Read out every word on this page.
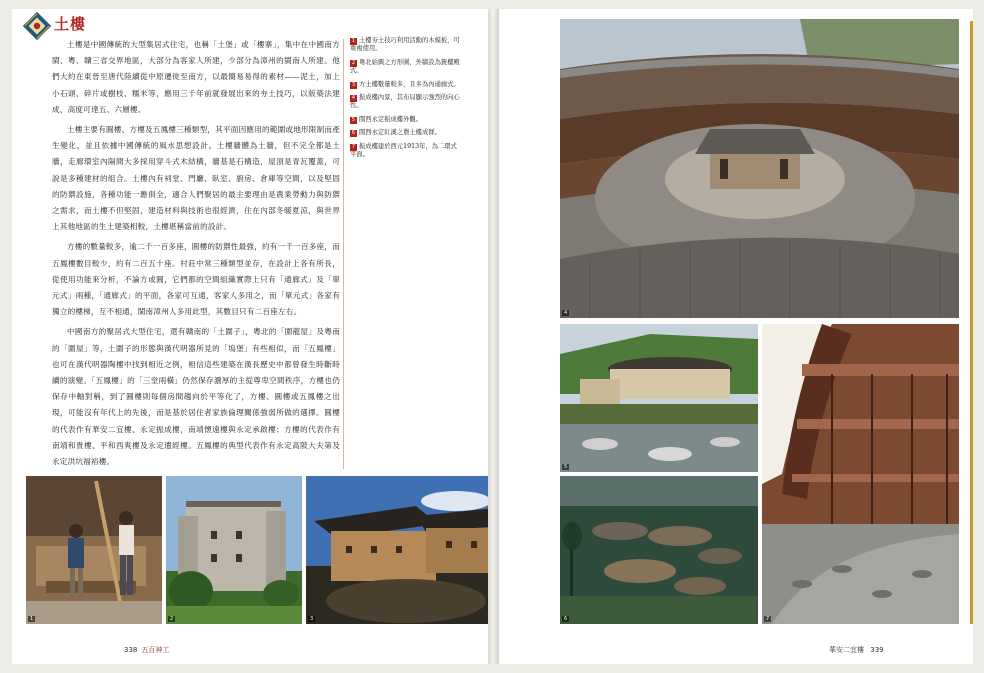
土樓

土樓是中國傳統的大型集居式住宅，也稱「土堡」或「樓寨」，集中在中國南方閩、粵、贛三省交界地區，大部分為客家人所建，少部分為漳州的閩南人所建。他們大約在東晉至唐代陸續從中原遷徙至南方，以最簡易易得的素材——泥土，加上小石頭、碎片或樹枝、糯米等，應用三千年前就發展出來的夯土技巧，以版築法建成，高度可達五、六層樓。

土樓主要有圓樓、方樓及五鳳樓三種類型，其平面因應用的範圍或地形限制而產生變化，並且依據中國傳統的風水思想設計。土樓牆體為土牆，但不完全都是土牆，走廊環室內隔間大多採用穿斗式木結構，牆基是石構造，屋頂是青瓦覆蓋，可說是多種建材的組合。土樓內有祠堂、門廳、臥室、廚房、倉庫等空間，以及堅固的防禦設施，各種功能一應俱全，適合人們聚居的最主要理由是農業勞動力與防禦之需求，而土樓不但堅固，建造材料與技術也很經濟，住在內部冬暖夏涼，與世界上其他地區的生土建築相較，土樓堪稱當前的設計。

方樓的數量較多，逾二千一百多座，圓樓的防禦性最強，約有一千一百多座，而五鳳樓數目較少，約有二百五十座。村莊中常三種類型並存，在設計上各有所長，從使用功能來分析，不論方或圓，它們都的空間組織實際上只有「通廊式」及「單元式」兩種，「通廊式」的平面，各家可互通，客家人多用之，而「單元式」各家有獨立的樓梯，互不相通，閩南漳州人多用此型，其數目只有二百座左右。

中國南方的聚居式大型住宅，還有贛南的「土圍子」，粵北的「圍龍屋」及粵南的「圍屋」等，土圍子的形態與漢代明器所見的「塢堡」有些相似，而「五鳳樓」也可在漢代明器陶樓中找到相近之例，相信這些建築在漢長歷史中都曾發生時斷時續的演變。「五鳳樓」的「三堂兩橫」仍然保存濃厚的主從尊卑空間秩序，方樓也仍保存中軸對稱，到了圓樓則每個房間趨向於平等化了，方樓、圓樓或五鳳樓之出現，可能沒有年代上的先後，而是基於居住者家族倫理關係強弱所做的選擇。圓樓的代表作有華安二宜樓、永定振成樓，南靖懷遠樓與永定承啟樓；方樓的代表作有南靖和貴樓、平和西爽樓及永定遺經樓。五鳳樓的典型代表作有永定高陂大夫第及永定洪坑福裕樓。

1 土樓夯土技巧利用活動的木模板，可重複使用。
2 粵北始興之方形圍，外牆設為銃樓殿式。
3 方土樓數量較多，且多為內通廊式。
4 振成樓內景，其布局顯示強烈的向心性。
5 閩西永定振成樓外觀。
6 閩西永定紅溪之農土樓成群。
7 振成樓建於西元1913年，為二環式平面。
1	2	3
338 五百神工
4
5
6	7
華安二宜樓 339
